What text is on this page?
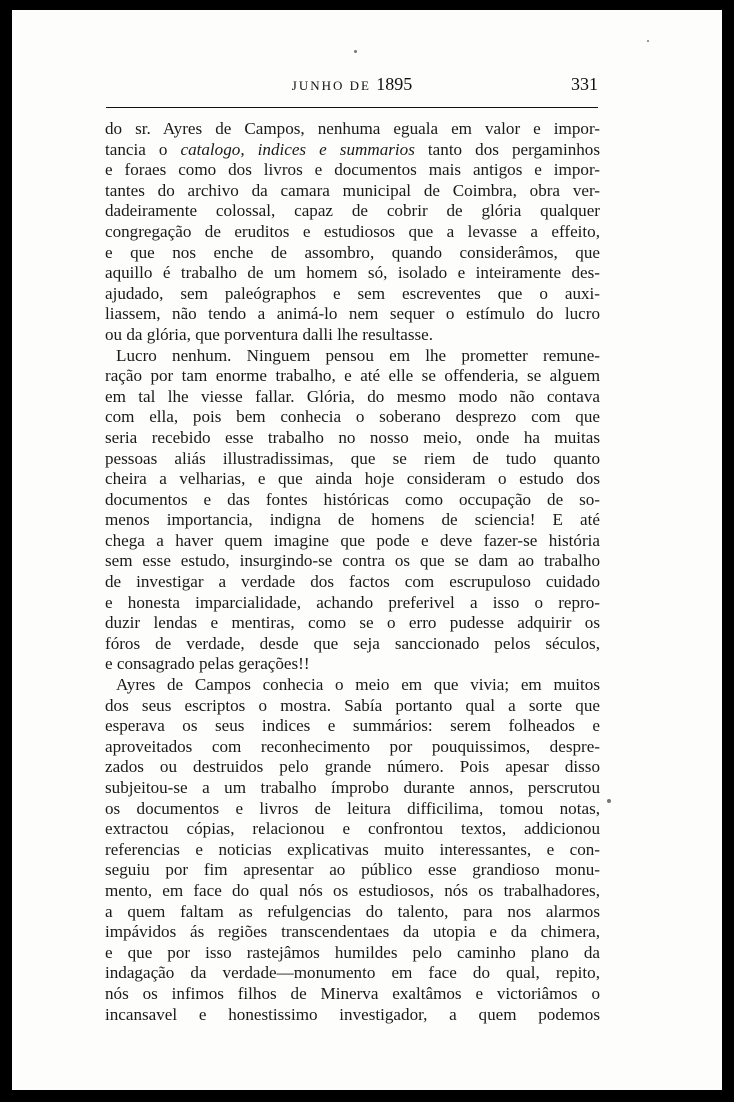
JUNHO DE 1895	331
do sr. Ayres de Campos, nenhuma eguala em valor e impor-
tancia o catalogo, indices e summarios tanto dos pergaminhos
e foraes como dos livros e documentos mais antigos e impor-
tantes do archivo da camara municipal de Coimbra, obra ver-
dadeiramente colossal, capaz de cobrir de glória qualquer
congregação de eruditos e estudiosos que a levasse a effeito,
e que nos enche de assombro, quando considerâmos, que
aquillo é trabalho de um homem só, isolado e inteiramente des-
ajudado, sem paleógraphos e sem escreventes que o auxi-
liassem, não tendo a animá-lo nem sequer o estímulo do lucro
ou da glória, que porventura dalli lhe resultasse.
Lucro nenhum. Ninguem pensou em lhe prometter remune-
ração por tam enorme trabalho, e até elle se offenderia, se alguem
em tal lhe viesse fallar. Glória, do mesmo modo não contava
com ella, pois bem conhecia o soberano desprezo com que
seria recebido esse trabalho no nosso meio, onde ha muitas
pessoas aliás illustradissimas, que se riem de tudo quanto
cheira a velharias, e que ainda hoje consideram o estudo dos
documentos e das fontes históricas como occupação de so-
menos importancia, indigna de homens de sciencia! E até
chega a haver quem imagine que pode e deve fazer-se história
sem esse estudo, insurgindo-se contra os que se dam ao trabalho
de investigar a verdade dos factos com escrupuloso cuidado
e honesta imparcialidade, achando preferivel a isso o repro-
duzir lendas e mentiras, como se o erro pudesse adquirir os
fóros de verdade, desde que seja sanccionado pelos séculos,
e consagrado pelas gerações!!
Ayres de Campos conhecia o meio em que vivia; em muitos
dos seus escriptos o mostra. Sabía portanto qual a sorte que
esperava os seus indices e summários: serem folheados e
aproveitados com reconhecimento por pouquissimos, despre-
zados ou destruidos pelo grande número. Pois apesar disso
subjeitou-se a um trabalho ímprobo durante annos, perscrutou
os documentos e livros de leitura difficilima, tomou notas,
extractou cópias, relacionou e confrontou textos, addicionou
referencias e noticias explicativas muito interessantes, e con-
seguiu por fim apresentar ao público esse grandioso monu-
mento, em face do qual nós os estudiosos, nós os trabalhadores,
a quem faltam as refulgencias do talento, para nos alarmos
impávidos ás regiões transcendentaes da utopia e da chimera,
e que por isso rastejâmos humildes pelo caminho plano da
indagação da verdade—monumento em face do qual, repito,
nós os infimos filhos de Minerva exaltâmos e victoriâmos o
incansavel e honestissimo investigador, a quem podemos
